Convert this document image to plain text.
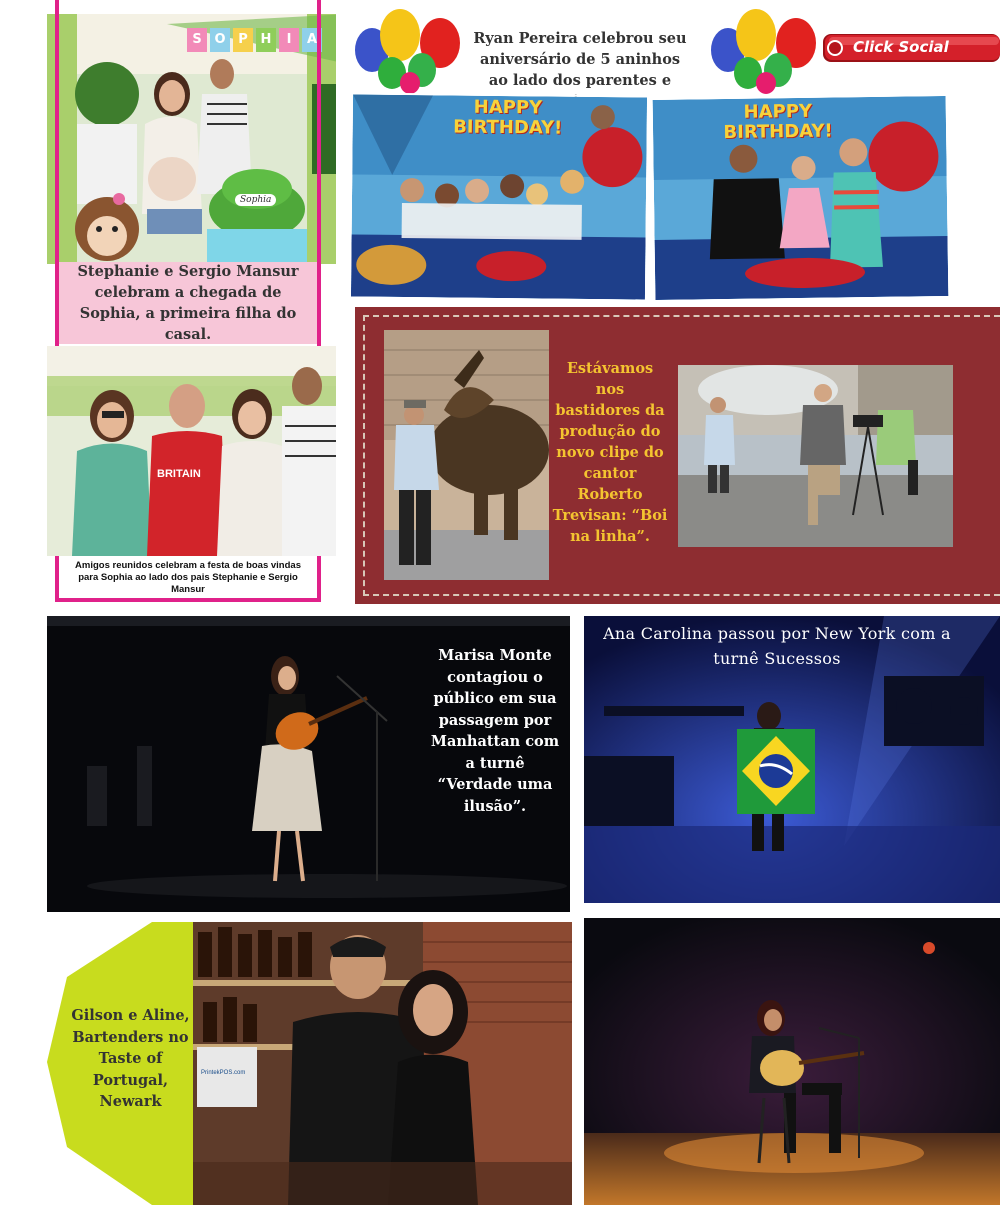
S O P H	I	A
Sophia
Stephanie e Sergio Mansur celebram a chegada de Sophia, a primeira filha do casal.
BRITAIN
Amigos reunidos celebram a festa de boas vindas para Sophia ao lado dos pais Stephanie e Sergio Mansur
Ryan Pereira celebrou seu aniversário de 5 aninhos ao lado dos parentes e
Click Social
HAPPY
BIRTHDAY!
HAPPY
BIRTHDAY!
Estávamos nos bastidores da produção do novo clipe do cantor Roberto Trevisan: “Boi na linha”.
Marisa Monte contagiou o público em sua passagem por Manhattan com a turnê “Verdade uma ilusão”.
Ana Carolina passou por New York com a turnê Sucessos
PrintekPOS.com
Gilson e Aline, Bartenders no Taste of Portugal, Newark
